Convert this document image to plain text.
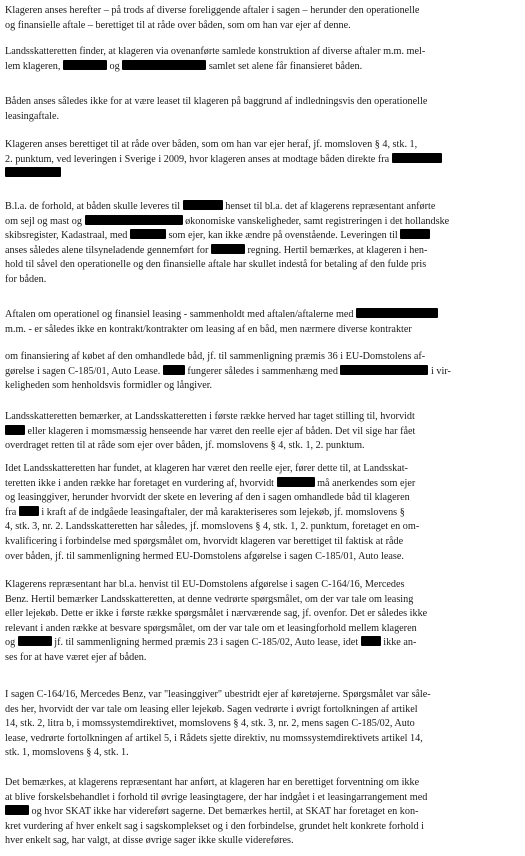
Klageren anses herefter – på trods af diverse foreliggende aftaler i sagen – herunder den operationelle
og finansielle aftale – berettiget til at råde over båden, som om han var ejer af denne.
Landsskatteretten finder, at klageren via ovenanførte samlede konstruktion af diverse aftaler m.m. mel-
lem klageren,	og	samlet set alene får finansieret båden.
Båden anses således ikke for at være leaset til klageren på baggrund af indledningsvis den operationelle
leasingaftale.
Klageren anses berettiget til at råde over båden, som om han var ejer heraf, jf. momsloven § 4, stk. 1,
2. punktum, ved leveringen i Sverige i 2009, hvor klageren anses at modtage båden direkte fra
B.l.a. de forhold, at båden skulle leveres til	henset til bl.a. det af klagerens repræsentant anførte
om sejl og mast og	økonomiske vanskeligheder, samt registreringen i det hollandske
skibsregister, Kadastraal, med	som ejer, kan ikke ændre på ovenstående. Leveringen til
anses således alene tilsyneladende gennemført for	regning. Hertil bemærkes, at klageren i hen-
hold til såvel den operationelle og den finansielle aftale har skullet indestå for betaling af den fulde pris
for båden.
Aftalen om operationel og finansiel leasing - sammenholdt med aftalen/aftalerne med
m.m. - er således ikke en kontrakt/kontrakter om leasing af en båd, men nærmere diverse kontrakter
om finansiering af købet af den omhandlede båd, jf. til sammenligning præmis 36 i EU-Domstolens af-
gørelse i sagen C-185/01, Auto Lease.  fungerer således i sammenhæng med	i vir-
keligheden som henholdsvis formidler og långiver.
Landsskatteretten bemærker, at Landsskatteretten i første række herved har taget stilling til, hvorvidt
eller klageren i momsmæssig henseende har været den reelle ejer af båden. Det vil sige har fået
overdraget retten til at råde som ejer over båden, jf. momslovens § 4, stk. 1, 2. punktum.
Idet Landsskatteretten har fundet, at klageren har været den reelle ejer, fører dette til, at Landsskat-
teretten ikke i anden række har foretaget en vurdering af, hvorvidt	må anerkendes som ejer
og leasinggiver, herunder hvorvidt der skete en levering af den i sagen omhandlede båd til klageren
fra  i kraft af de indgåede leasingaftaler, der må karakteriseres som lejekøb, jf. momslovens §
4, stk. 3, nr. 2. Landsskatteretten har således, jf. momslovens § 4, stk. 1, 2. punktum, foretaget en om-
kvalificering i forbindelse med spørgsmålet om, hvorvidt klageren var berettiget til faktisk at råde
over båden, jf. til sammenligning hermed EU-Domstolens afgørelse i sagen C-185/01, Auto lease.
Klagerens repræsentant har bl.a. henvist til EU-Domstolens afgørelse i sagen C-164/16, Mercedes
Benz. Hertil bemærker Landsskatteretten, at denne vedrørte spørgsmålet, om der var tale om leasing
eller lejekøb. Dette er ikke i første række spørgsmålet i nærværende sag, jf. ovenfor. Det er således ikke
relevant i anden række at besvare spørgsmålet, om der var tale om et leasingforhold mellem klageren
og	jf. til sammenligning hermed præmis 23 i sagen C-185/02, Auto lease, idet  ikke an-
ses for at have været ejer af båden.
I sagen C-164/16, Mercedes Benz, var "leasinggiver" ubestridt ejer af køretøjerne. Spørgsmålet var såle-
des her, hvorvidt der var tale om leasing eller lejekøb. Sagen vedrørte i øvrigt fortolkningen af artikel
14, stk. 2, litra b, i momssystemdirektivet, momslovens § 4, stk. 3, nr. 2, mens sagen C-185/02, Auto
lease, vedrørte fortolkningen af artikel 5, i Rådets sjette direktiv, nu momssystemdirektivets artikel 14,
stk. 1, momslovens § 4, stk. 1.
Det bemærkes, at klagerens repræsentant har anført, at klageren har en berettiget forventning om ikke
at blive forskelsbehandlet i forhold til øvrige leasingtagere, der har indgået i et leasingarrangement med
og hvor SKAT ikke har videreført sagerne. Det bemærkes hertil, at SKAT har foretaget en kon-
kret vurdering af hver enkelt sag i sagskomplekset og i den forbindelse, grundet helt konkrete forhold i
hver enkelt sag, har valgt, at disse øvrige sager ikke skulle videreføres.
